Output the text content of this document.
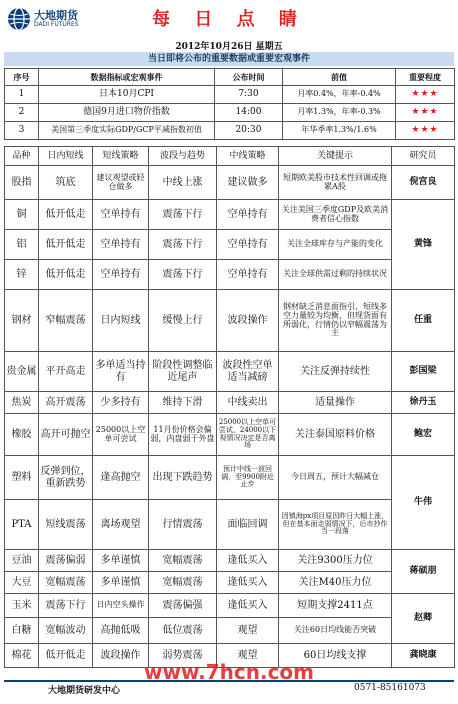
大地期货
DADI FUTURES	每 日 点 睛
2012年10月26日 星期五
当日即将公布的重要数据或重要宏观事件
序号	数据指标或宏观事件	公布时间	前值	重要程度
1	日本10月CPI	7:30	月率0.4%，年率-0.4%	★★★
2	德国9月进口物价指数	14:00	月率1.3%，年率-0.3%	★★★
3	美国第三季度实际GDP/GCP平减指数初值	20:30	年华季率1.3%/1.6%	★★★
品种	日内短线	短线策略	波段与趋势	中线策略	关键提示	研究员
股指	筑底	建议观望或轻仓做多	中线上涨	建议做多	短期欧美股市技术性回调或拖累A股	倪宫良
铜	低开低走	空单持有	震荡下行	空单持有	关注美国三季度GDP及欧美消费者信心指数	黄锋
铝	低开低走	空单持有	震荡下行	空单持有	关注全球库存与产能的变化	
锌	低开低走	空单持有	震荡下行	空单持有	关注全球供需过剩的持续状况	
钢材	窄幅震荡	日内短线	缓慢上行	波段操作	钢材缺乏消息面指引，短线多空力量较为均衡，但现货面有所弱化，行情仍以窄幅震荡为主	任重
贵金属	平开高走	多单适当持有	阶段性调整临近尾声	波段性空单适当减磅	关注反弹持续性	彭国梁
焦炭	高开震荡	少多持有	维持下滑	中线卖出	适量操作	徐丹玉
橡胶	高开可抛空	25000以上空单可尝试	11月份价格会偏弱，内盘弱于外盘	25000以上空单可尝试，24000以下视情况决定是否离场	关注泰国原料价格	鲍宏
塑料	反弹到位，重新跌势	逢高抛空	出现下跌趋势	预计中线一波回调，至9900附近止步	今日周五，预计大幅减仓	牛伟
PTA	短线震荡	离场观望	行情震荡	面临回调	因镇海px项目原因昨日大幅上涨，但在基本面走弱情况下，后市抄作当一段落	
豆油	震荡偏弱	多单谨慎	宽幅震荡	逢低买入	关注9300压力位	蒋硕朋
大豆	宽幅震荡	多单谨慎	宽幅震荡	逢低买入	关注M40压力位	
玉米	震荡下行	日内空头操作	震荡偏强	逢低买入	短期支撑2411点	赵卿
白糖	宽幅波动	高抛低吸	低位震荡	观望	关注60日均线能否突破	
棉花	低开低走	波段操作	弱势震荡	观望	60日均线支撑	龚晓康
www.7hcn.com
大地期货研发中心	0571-85161073
